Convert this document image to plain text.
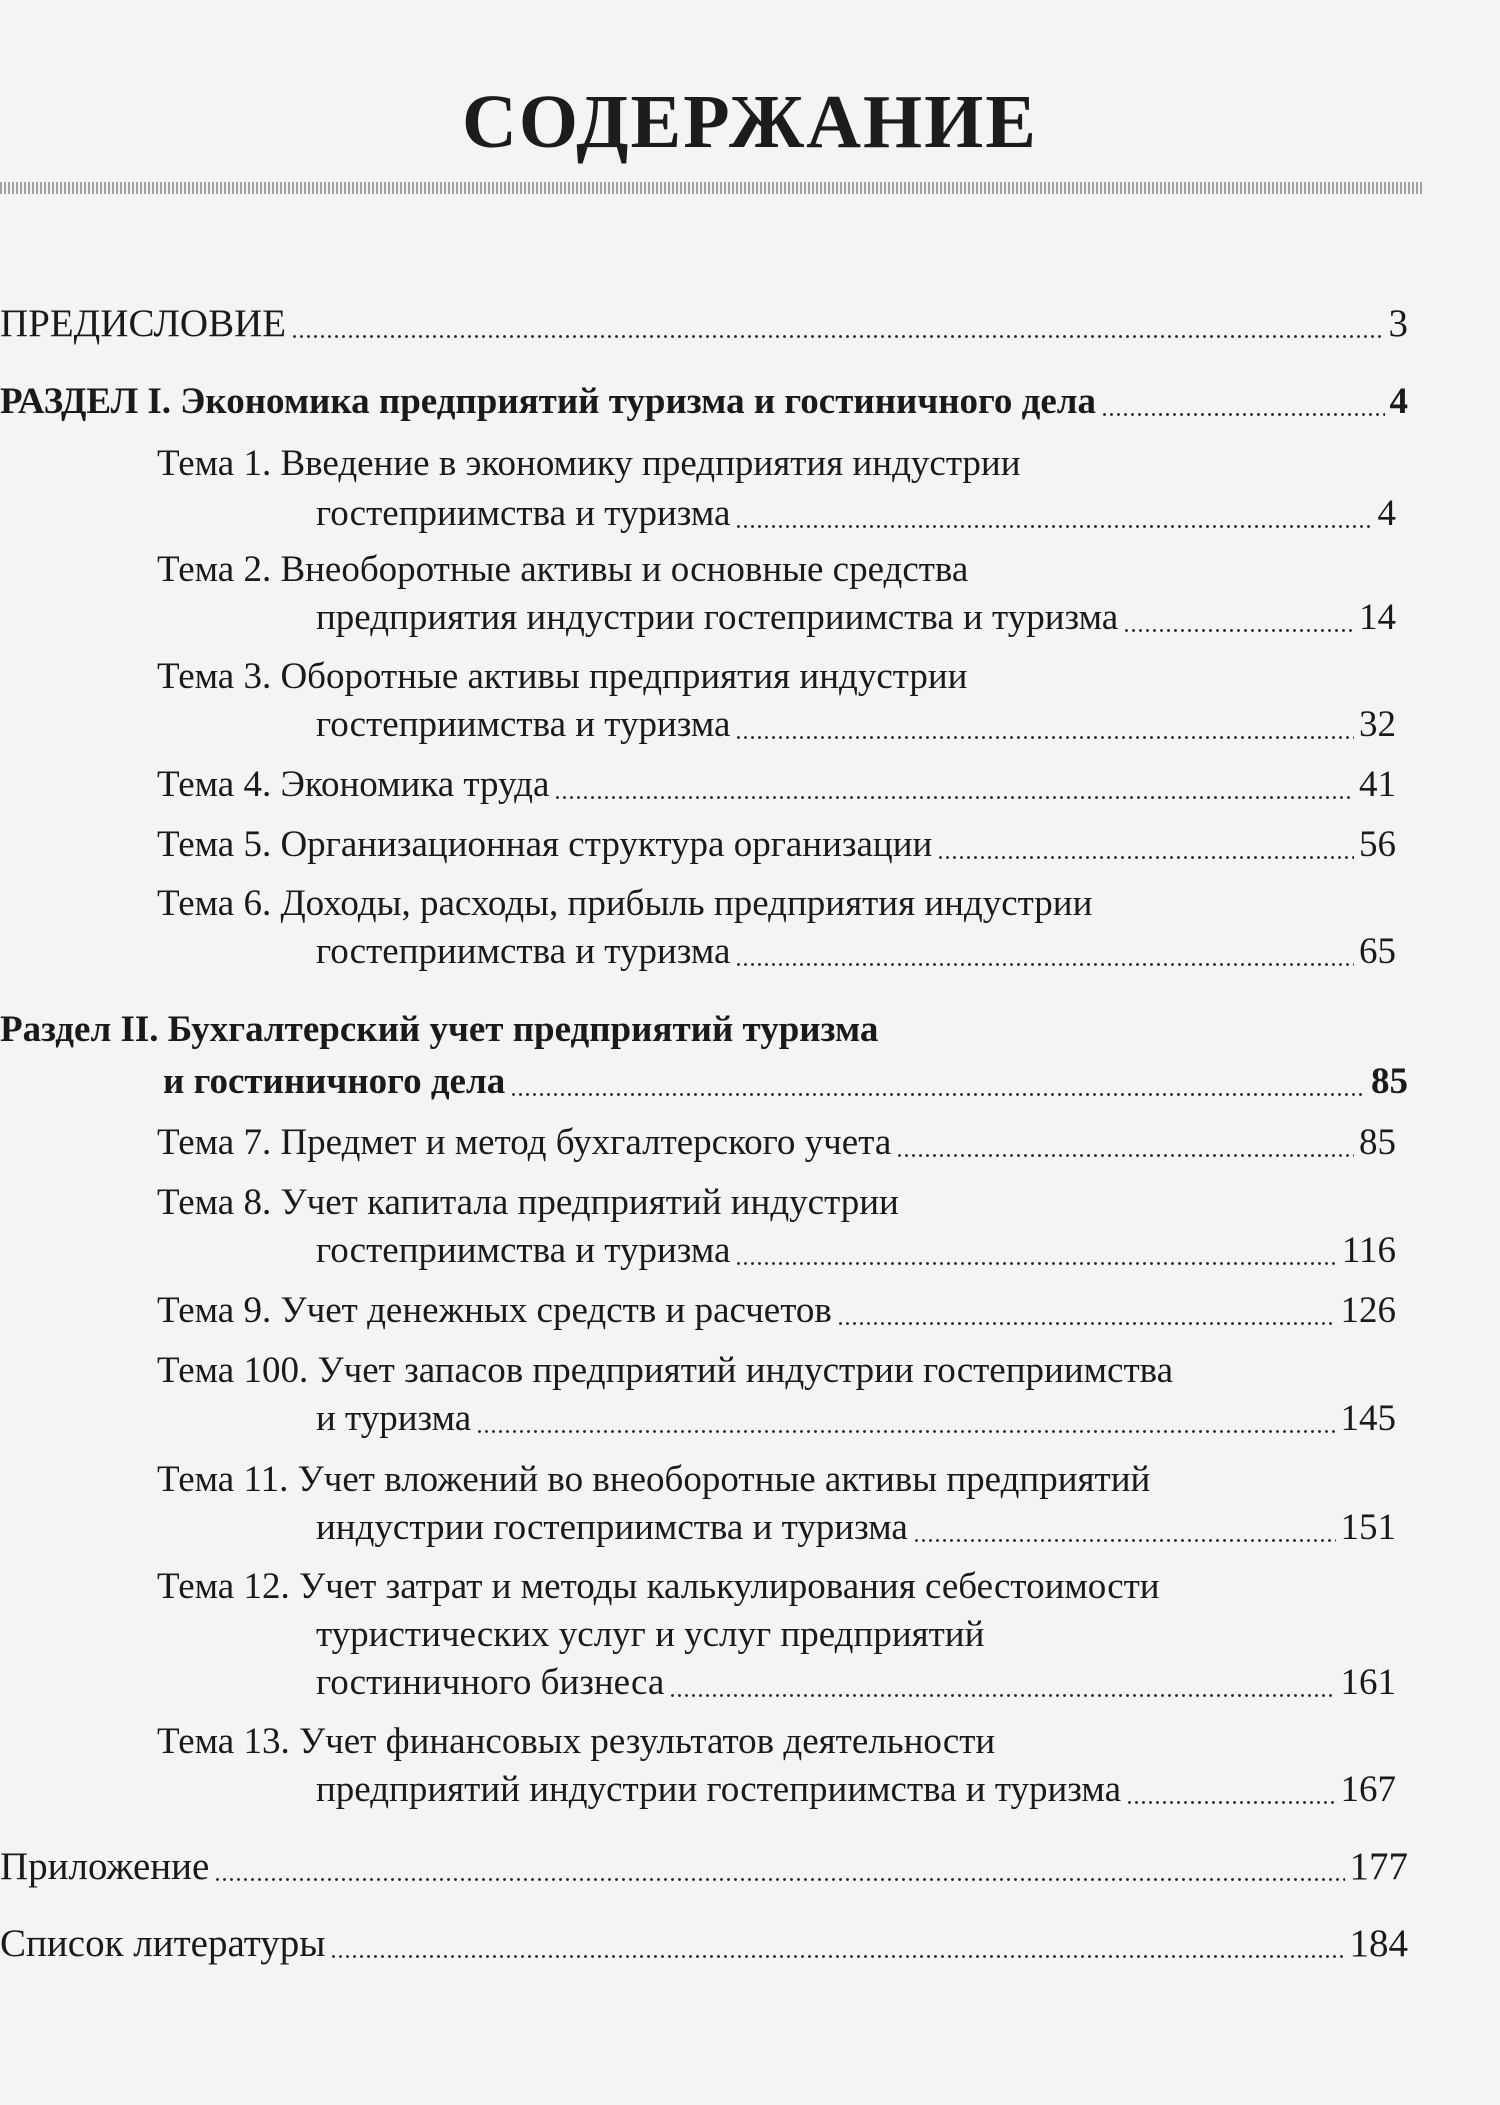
СОДЕРЖАНИЕ
ПРЕДИСЛОВИЕ	3
РАЗДЕЛ I. Экономика предприятий туризма и гостиничного дела	4
Тема 1. Введение в экономику предприятия индустрии
гостеприимства и туризма	4
Тема 2. Внеоборотные активы и основные средства
предприятия индустрии гостеприимства и туризма	14
Тема 3. Оборотные активы предприятия индустрии
гостеприимства и туризма	32
Тема 4. Экономика труда	41
Тема 5. Организационная структура организации	56
Тема 6. Доходы, расходы, прибыль предприятия индустрии
гостеприимства и туризма	65
Раздел II. Бухгалтерский учет предприятий туризма
и гостиничного дела	85
Тема 7. Предмет и метод бухгалтерского учета	85
Тема 8. Учет капитала предприятий индустрии
гостеприимства и туризма	116
Тема 9. Учет денежных средств и расчетов	126
Тема 100. Учет запасов предприятий индустрии гостеприимства
и туризма	145
Тема 11. Учет вложений во внеоборотные активы предприятий
индустрии гостеприимства и туризма	151
Тема 12. Учет затрат и методы калькулирования себестоимости
туристических услуг и услуг предприятий
гостиничного бизнеса	161
Тема 13. Учет финансовых результатов деятельности
предприятий индустрии гостеприимства и туризма	167
Приложение	177
Список литературы	184
